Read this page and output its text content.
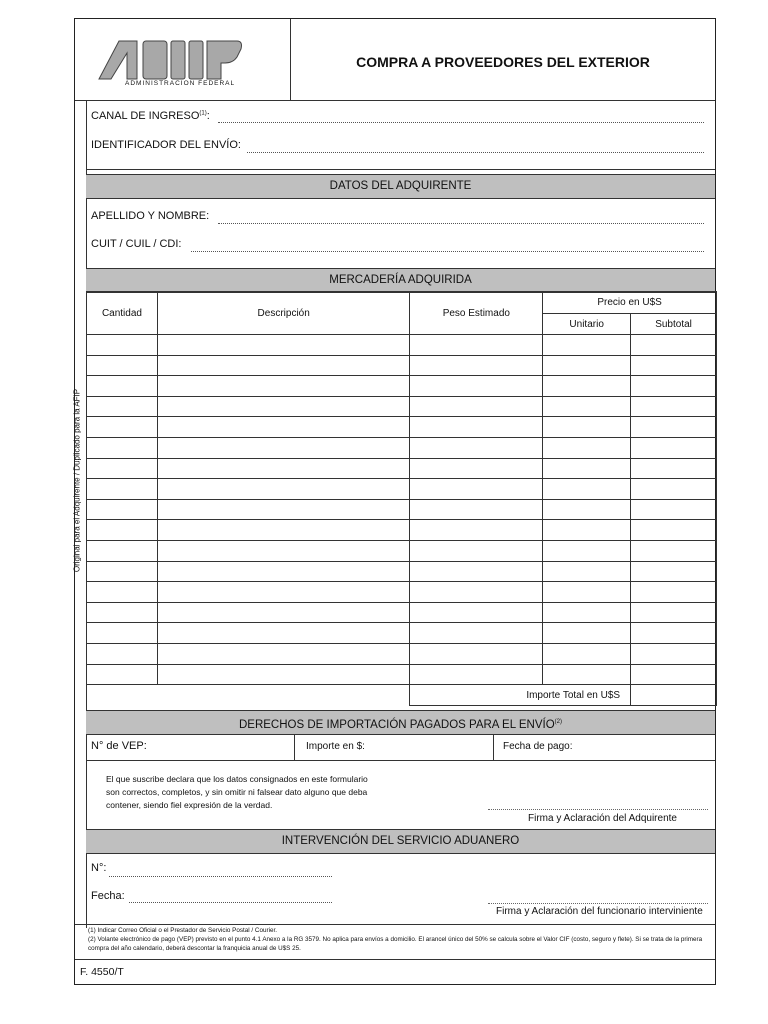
ADMINISTRACION FEDERAL
COMPRA A PROVEEDORES DEL EXTERIOR
Original para el Adquirente / Duplicado para la AFIP
CANAL DE INGRESO$^{(1)}$:
IDENTIFICADOR DEL ENVÍO:
DATOS DEL ADQUIRENTE
APELLIDO Y NOMBRE:
CUIT / CUIL / CDI:
MERCADERÍA ADQUIRIDA
Cantidad	Descripción	Peso Estimado	Precio en U$S	
			Unitario	Subtotal

		Importe Total en U$S		
DERECHOS DE IMPORTACIÓN PAGADOS PARA EL ENVÍO$^{(2)}$
N° de VEP:	Importe en $:	Fecha de pago:
El que suscribe declara que los datos consignados en este formulario
son correctos, completos, y sin omitir ni falsear dato alguno que deba
contener, siendo fiel expresión de la verdad.
Firma y Aclaración del Adquirente
INTERVENCIÓN DEL SERVICIO ADUANERO
N°:
Fecha:
Firma y Aclaración del funcionario interviniente
(1) Indicar Correo Oficial o el Prestador de Servicio Postal / Courier.
(2) Volante electrónico de pago (VEP) previsto en el punto 4.1 Anexo a la RG 3579. No aplica para envíos a domicilio. El arancel único del 50% se calcula sobre el Valor CIF (costo, seguro y flete). Si se trata de la primera compra del año calendario, deberá descontar la franquicia anual de U$S 25.
F. 4550/T
